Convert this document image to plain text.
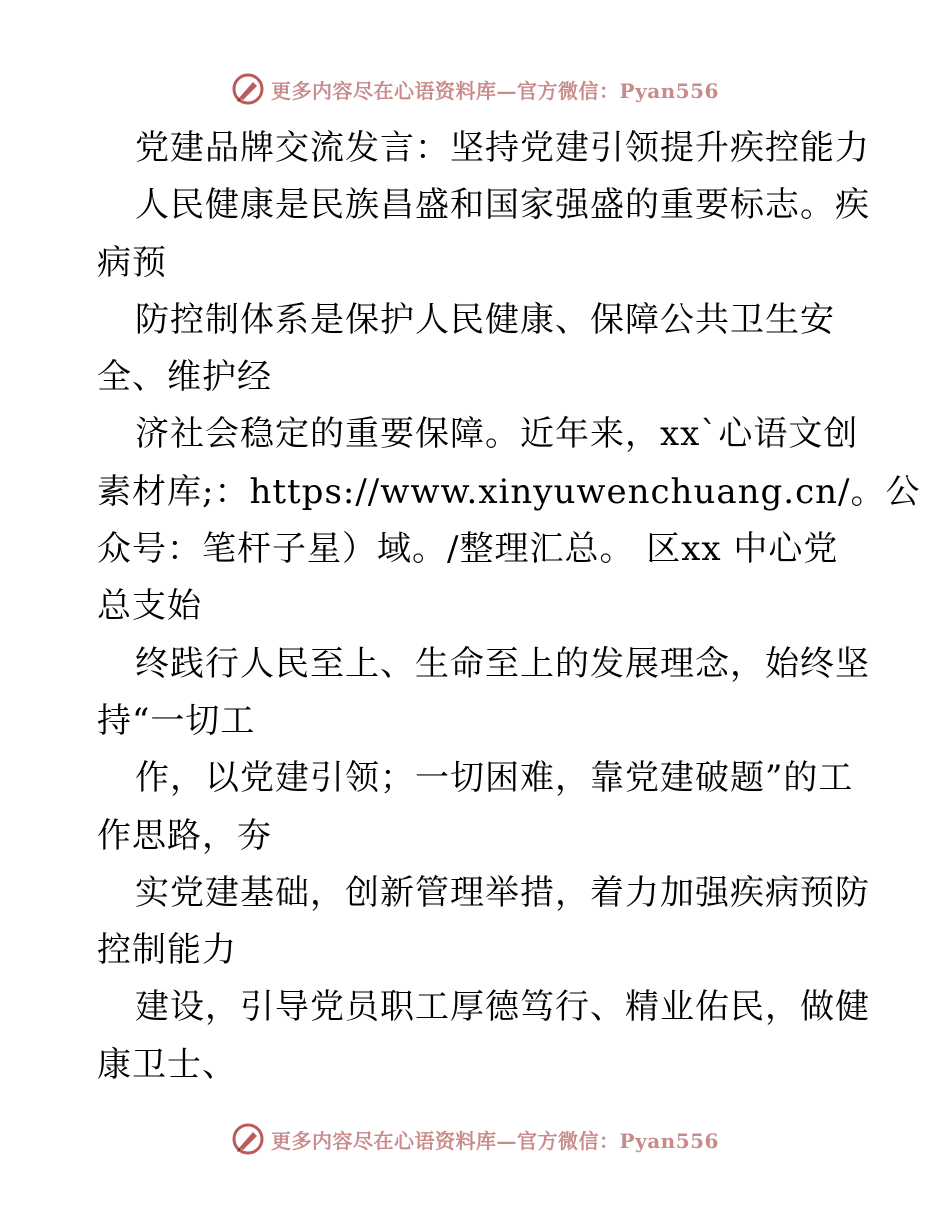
更多内容尽在心语资料库—官方微信：Pyan556
党建品牌交流发言：坚持党建引领提升疾控能力
人民健康是民族昌盛和国家强盛的重要标志。疾
病预
防控制体系是保护人民健康、保障公共卫生安
全、维护经
济社会稳定的重要保障。近年来，xx`心语文创
素材库;：https://www.xinyuwenchuang.cn/。公
众号：笔杆子星）域。/整理汇总。 区xx 中心党
总支始
终践行人民至上、生命至上的发展理念，始终坚
持“一切工
作，以党建引领；一切困难，靠党建破题”的工
作思路，夯
实党建基础，创新管理举措，着力加强疾病预防
控制能力
建设，引导党员职工厚德笃行、精业佑民，做健
康卫士、
更多内容尽在心语资料库—官方微信：Pyan556
